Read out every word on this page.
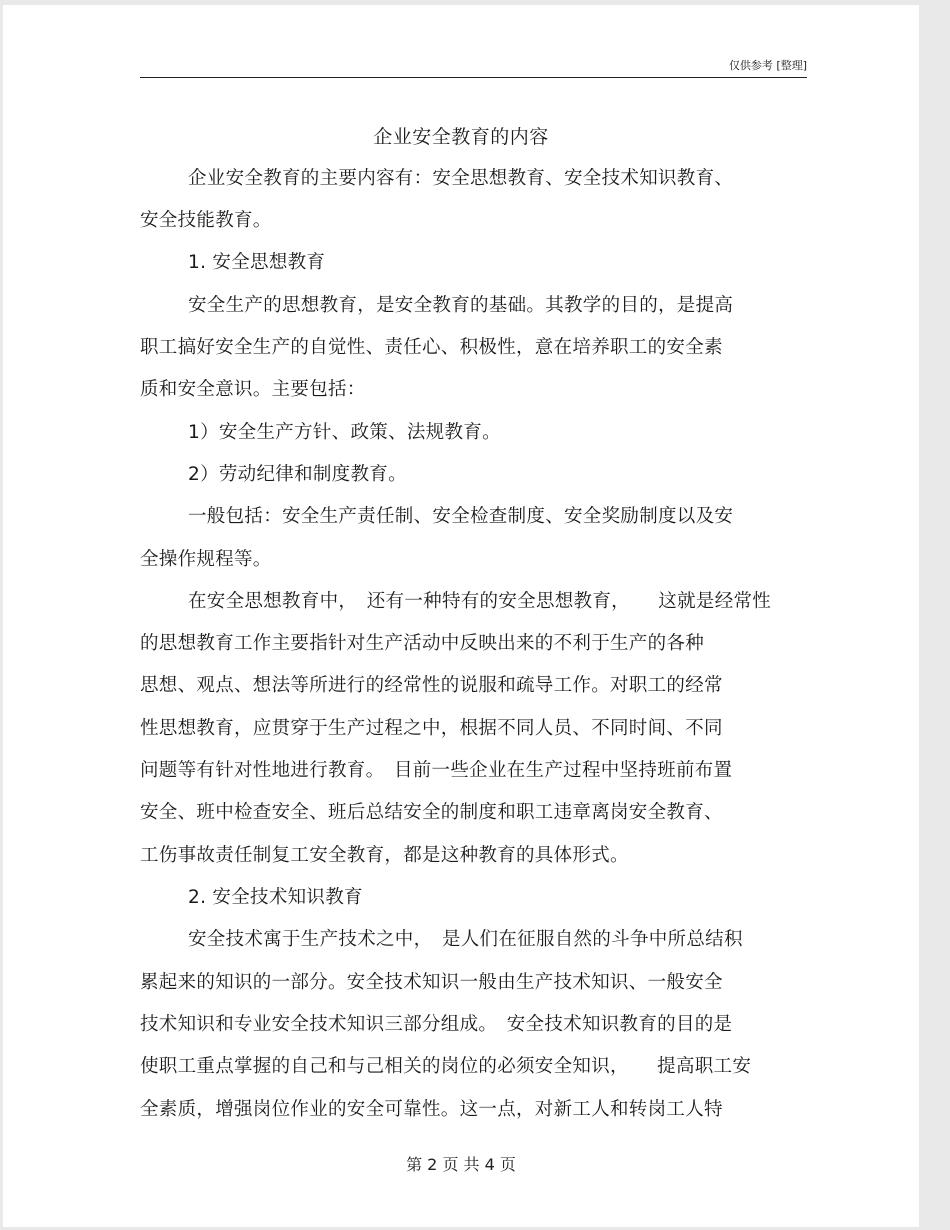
仅供参考 [整理]
企业安全教育的内容
企业安全教育的主要内容有：安全思想教育、安全技术知识教育、
安全技能教育。
1. 安全思想教育
安全生产的思想教育，是安全教育的基础。其教学的目的，是提高
职工搞好安全生产的自觉性、责任心、积极性，意在培养职工的安全素
质和安全意识。主要包括：
1）安全生产方针、政策、法规教育。
2）劳动纪律和制度教育。
一般包括：安全生产责任制、安全检查制度、安全奖励制度以及安
全操作规程等。
在安全思想教育中，　还有一种特有的安全思想教育，　　这就是经常性
的思想教育工作主要指针对生产活动中反映出来的不利于生产的各种
思想、观点、想法等所进行的经常性的说服和疏导工作。对职工的经常
性思想教育，应贯穿于生产过程之中，根据不同人员、不同时间、不同
问题等有针对性地进行教育。　目前一些企业在生产过程中坚持班前布置
安全、班中检查安全、班后总结安全的制度和职工违章离岗安全教育、
工伤事故责任制复工安全教育，都是这种教育的具体形式。
2. 安全技术知识教育
安全技术寓于生产技术之中，　是人们在征服自然的斗争中所总结积
累起来的知识的一部分。安全技术知识一般由生产技术知识、一般安全
技术知识和专业安全技术知识三部分组成。　安全技术知识教育的目的是
使职工重点掌握的自己和与己相关的岗位的必须安全知识，　　提高职工安
全素质，增强岗位作业的安全可靠性。这一点，对新工人和转岗工人特
第 2 页 共 4 页
